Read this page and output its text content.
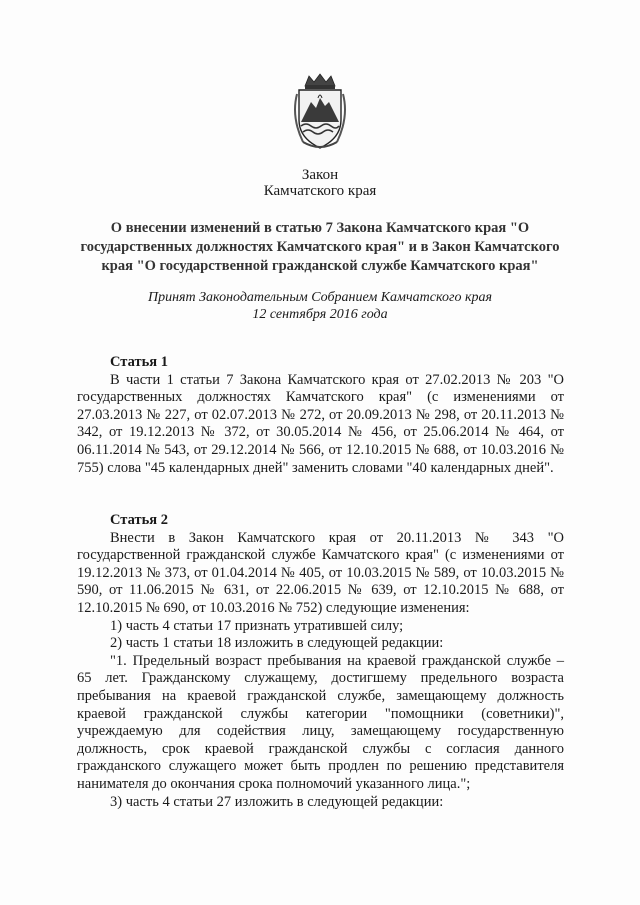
Закон
Камчатского края
О внесении изменений в статью 7 Закона Камчатского края "О государственных должностях Камчатского края" и в Закон Камчатского края "О государственной гражданской службе Камчатского края"
Принят Законодательным Собранием Камчатского края
12 сентября 2016 года

Статья 1

В части 1 статьи 7 Закона Камчатского края от 27.02.2013 № 203 "О государственных должностях Камчатского края" (с изменениями от 27.03.2013 № 227, от 02.07.2013 № 272, от 20.09.2013 № 298, от 20.11.2013 № 342, от 19.12.2013 № 372, от 30.05.2014 № 456, от 25.06.2014 № 464, от 06.11.2014 № 543, от 29.12.2014 № 566, от 12.10.2015 № 688, от 10.03.2016 № 755) слова "45 календарных дней" заменить словами "40 календарных дней".

Статья 2

Внести в Закон Камчатского края от 20.11.2013 № 343 "О государственной гражданской службе Камчатского края" (с изменениями от 19.12.2013 № 373, от 01.04.2014 № 405, от 10.03.2015 № 589, от 10.03.2015 № 590, от 11.06.2015 № 631, от 22.06.2015 № 639, от 12.10.2015 № 688, от 12.10.2015 № 690, от 10.03.2016 № 752) следующие изменения:

1) часть 4 статьи 17 признать утратившей силу;

2) часть 1 статьи 18 изложить в следующей редакции:

"1. Предельный возраст пребывания на краевой гражданской службе – 65 лет. Гражданскому служащему, достигшему предельного возраста пребывания на краевой гражданской службе, замещающему должность краевой гражданской службы категории "помощники (советники)", учреждаемую для содействия лицу, замещающему государственную должность, срок краевой гражданской службы с согласия данного гражданского служащего может быть продлен по решению представителя нанимателя до окончания срока полномочий указанного лица.";

3) часть 4 статьи 27 изложить в следующей редакции:
